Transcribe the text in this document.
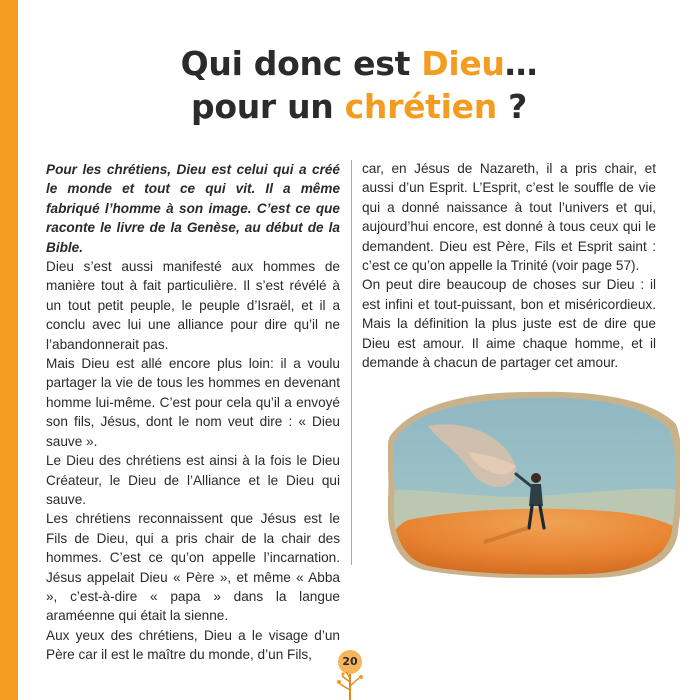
Qui donc est Dieu…
pour un chrétien ?

Pour les chrétiens, Dieu est celui qui a créé le monde et tout ce qui vit. Il a même fabriqué l’homme à son image. C’est ce que raconte le livre de la Genèse, au début de la Bible.

Dieu s’est aussi manifesté aux hommes de manière tout à fait particulière. Il s’est révélé à un tout petit peuple, le peuple d’Israël, et il a conclu avec lui une alliance pour dire qu’il ne l’abandonnerait pas.

Mais Dieu est allé encore plus loin: il a voulu partager la vie de tous les hommes en devenant homme lui-même. C’est pour cela qu’il a envoyé son fils, Jésus, dont le nom veut dire : « Dieu sauve ».

Le Dieu des chrétiens est ainsi à la fois le Dieu Créateur, le Dieu de l’Alliance et le Dieu qui sauve.

Les chrétiens reconnaissent que Jésus est le Fils de Dieu, qui a pris chair de la chair des hommes. C’est ce qu’on appelle l’incarnation. Jésus appelait Dieu « Père », et même « Abba », c’est-à-dire « papa » dans la langue araméenne qui était la sienne.

Aux yeux des chrétiens, Dieu a le visage d’un Père car il est le maître du monde, d’un Fils,

car, en Jésus de Nazareth, il a pris chair, et aussi d’un Esprit. L’Esprit, c’est le souffle de vie qui a donné naissance à tout l’univers et qui, aujourd’hui encore, est donné à tous ceux qui le demandent. Dieu est Père, Fils et Esprit saint : c’est ce qu’on appelle la Trinité (voir page 57).

On peut dire beaucoup de choses sur Dieu : il est infini et tout-puissant, bon et miséricordieux. Mais la définition la plus juste est de dire que Dieu est amour. Il aime chaque homme, et il demande à chacun de partager cet amour.

20
